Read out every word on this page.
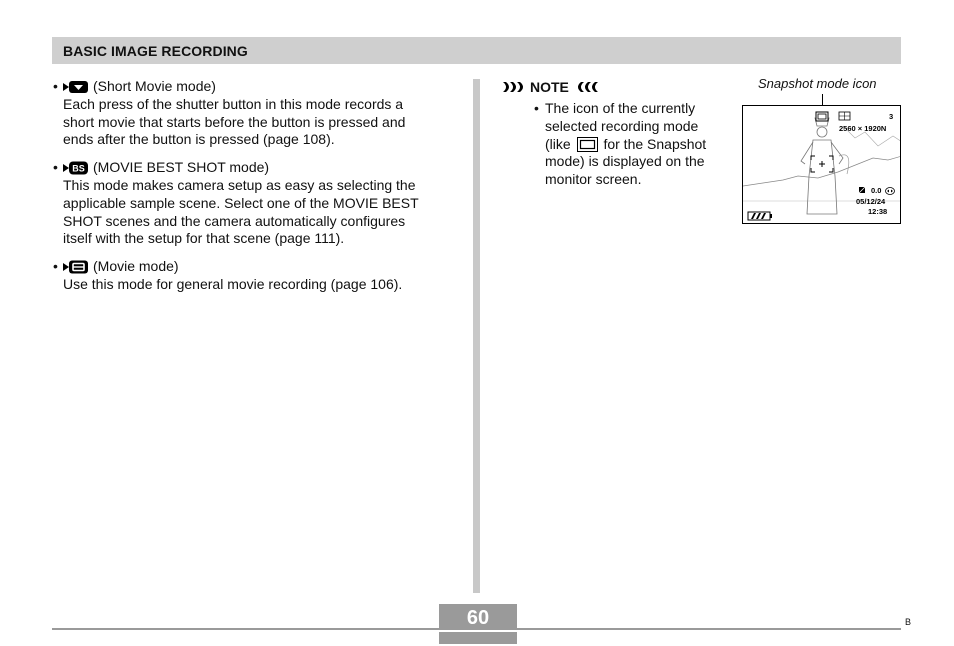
BASIC IMAGE RECORDING
•	(Short Movie mode)
Each press of the shutter button in this mode records a
short movie that starts before the button is pressed and
ends after the button is pressed (page 108).
• BS (MOVIE BEST SHOT mode)
This mode makes camera setup as easy as selecting the
applicable sample scene. Select one of the MOVIE BEST
SHOT scenes and the camera automatically configures
itself with the setup for that scene (page 111).
•	(Movie mode)
Use this mode for general movie recording (page 106).
NOTE
• The icon of the currently
selected recording mode
(like for the Snapshot
mode) is displayed on the
monitor screen.
Snapshot mode icon
3
2560 × 1920N
0.0
05/12/24
12:38
60	B
